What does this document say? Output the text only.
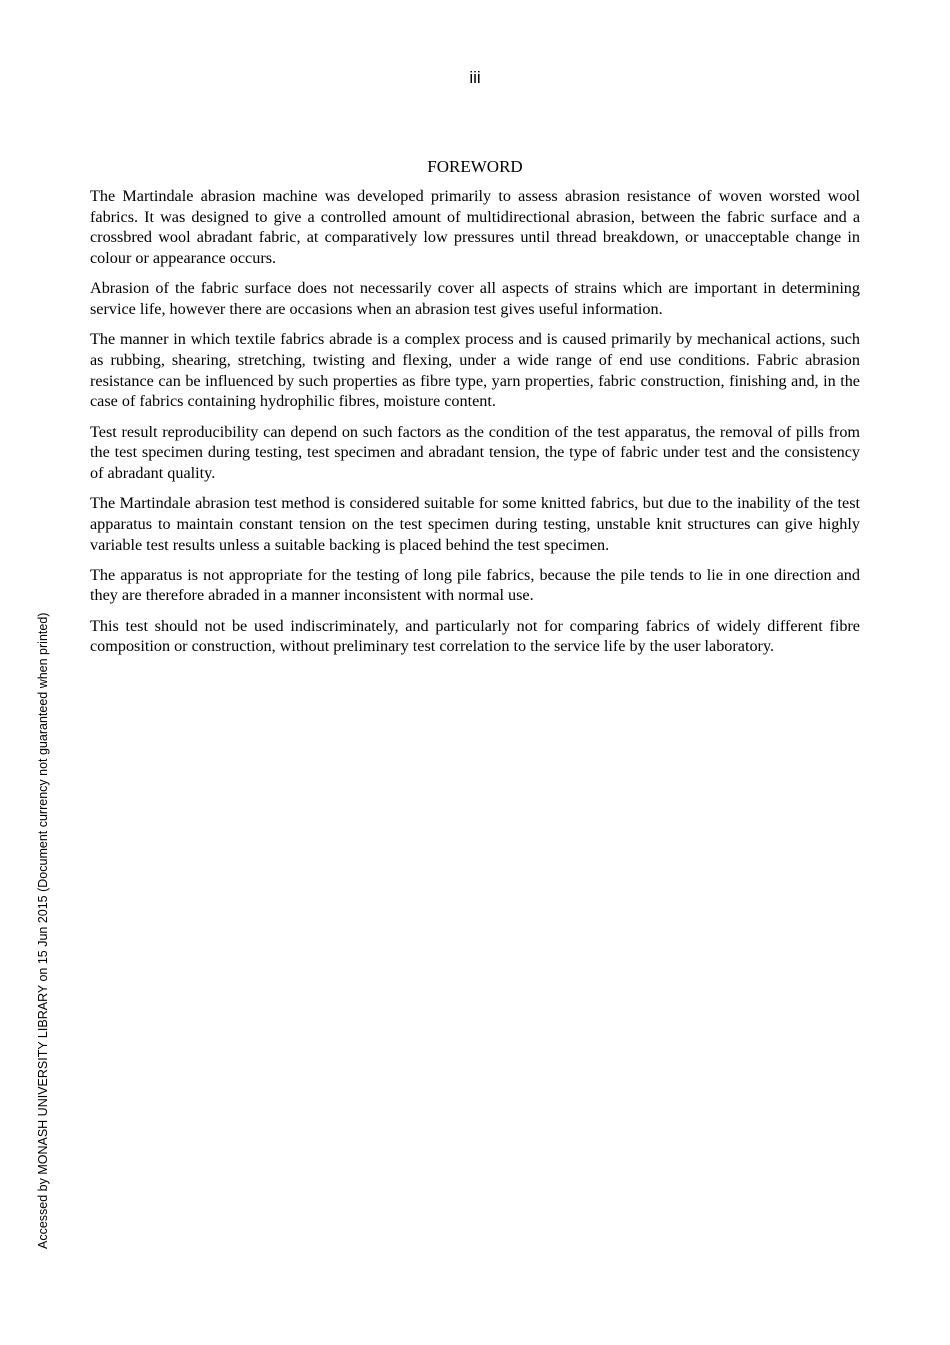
iii
FOREWORD

The Martindale abrasion machine was developed primarily to assess abrasion resistance of woven worsted wool fabrics. It was designed to give a controlled amount of multidirectional abrasion, between the fabric surface and a crossbred wool abradant fabric, at comparatively low pressures until thread breakdown, or unacceptable change in colour or appearance occurs.

Abrasion of the fabric surface does not necessarily cover all aspects of strains which are important in determining service life, however there are occasions when an abrasion test gives useful information.

The manner in which textile fabrics abrade is a complex process and is caused primarily by mechanical actions, such as rubbing, shearing, stretching, twisting and flexing, under a wide range of end use conditions. Fabric abrasion resistance can be influenced by such properties as fibre type, yarn properties, fabric construction, finishing and, in the case of fabrics containing hydrophilic fibres, moisture content.

Test result reproducibility can depend on such factors as the condition of the test apparatus, the removal of pills from the test specimen during testing, test specimen and abradant tension, the type of fabric under test and the consistency of abradant quality.

The Martindale abrasion test method is considered suitable for some knitted fabrics, but due to the inability of the test apparatus to maintain constant tension on the test specimen during testing, unstable knit structures can give highly variable test results unless a suitable backing is placed behind the test specimen.

The apparatus is not appropriate for the testing of long pile fabrics, because the pile tends to lie in one direction and they are therefore abraded in a manner inconsistent with normal use.

This test should not be used indiscriminately, and particularly not for comparing fabrics of widely different fibre composition or construction, without preliminary test correlation to the service life by the user laboratory.

Accessed by MONASH UNIVERSITY LIBRARY on 15 Jun 2015 (Document currency not guaranteed when printed)
